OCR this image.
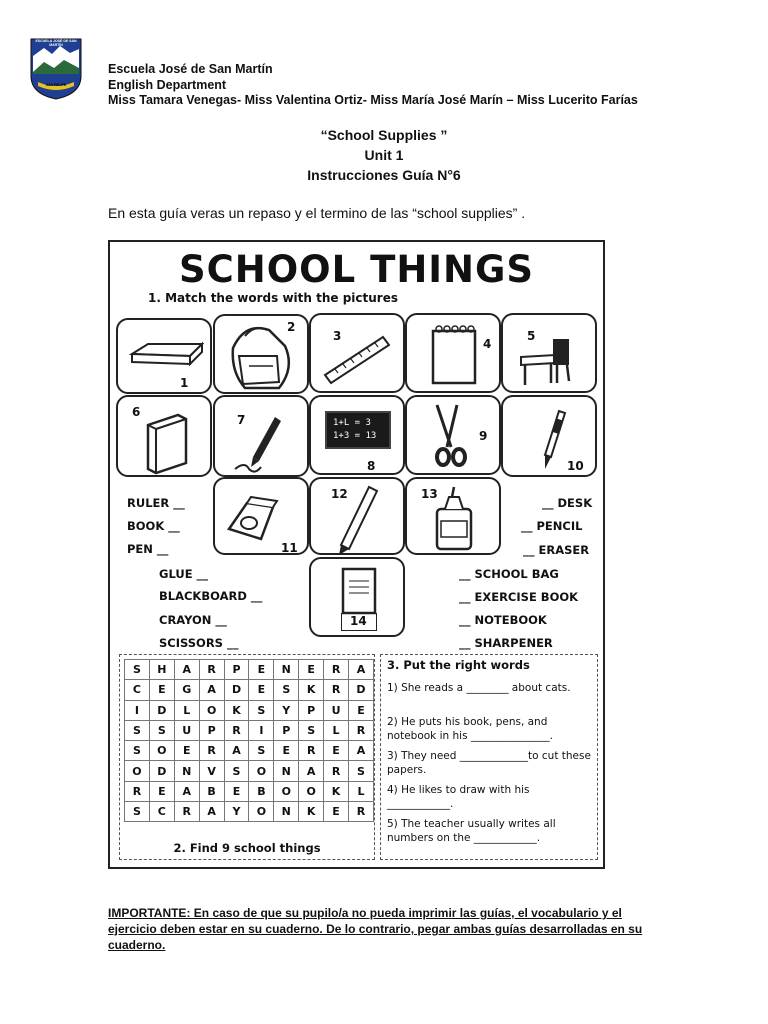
ESCUELA JOSÉ DE SAN MARTÍN
SAN FELIPE
Escuela José de San Martín
English Department
Miss Tamara Venegas- Miss Valentina Ortiz- Miss María José Marín – Miss Lucerito Farías
“School Supplies ”
Unit 1
Instrucciones Guía N°6
En esta guía veras un repaso y el termino de las “school supplies” .
SCHOOL THINGS
1. Match the words with the pictures
1
2
3
4
5
6
7	1+L = 3
1+3 = 13
8
9
10
11
12	13
14
RULER __
BOOK __
PEN __
GLUE __
BLACKBOARD __
CRAYON __
SCISSORS __
__ DESK
__ PENCIL
__ ERASER
__ SCHOOL BAG
__ EXERCISE BOOK
__ NOTEBOOK
__ SHARPENER
S	H	A	R	P	E	N	E	R	A
C	E	G	A	D	E	S	K	R	D
I	D	L	O	K	S	Y	P	U	E
S	S	U	P	R	I	P	S	L	R
S	O	E	R	A	S	E	R	E	A
O	D	N	V	S	O	N	A	R	S
R	E	A	B	E	B	O	O	K	L
S	C	R	A	Y	O	N	K	E	R
2. Find 9 school things
3. Put the right words
1) She reads a ________ about cats.
2) He puts his book, pens, and notebook in his _______________.
3) They need _____________to cut these papers.
4) He likes to draw with his ____________.
5) The teacher usually writes all numbers on the ____________.
IMPORTANTE: En caso de que su pupilo/a no pueda imprimir las guías, el vocabulario y el ejercicio deben estar en su cuaderno. De lo contrario, pegar ambas guías desarrolladas en su cuaderno.
